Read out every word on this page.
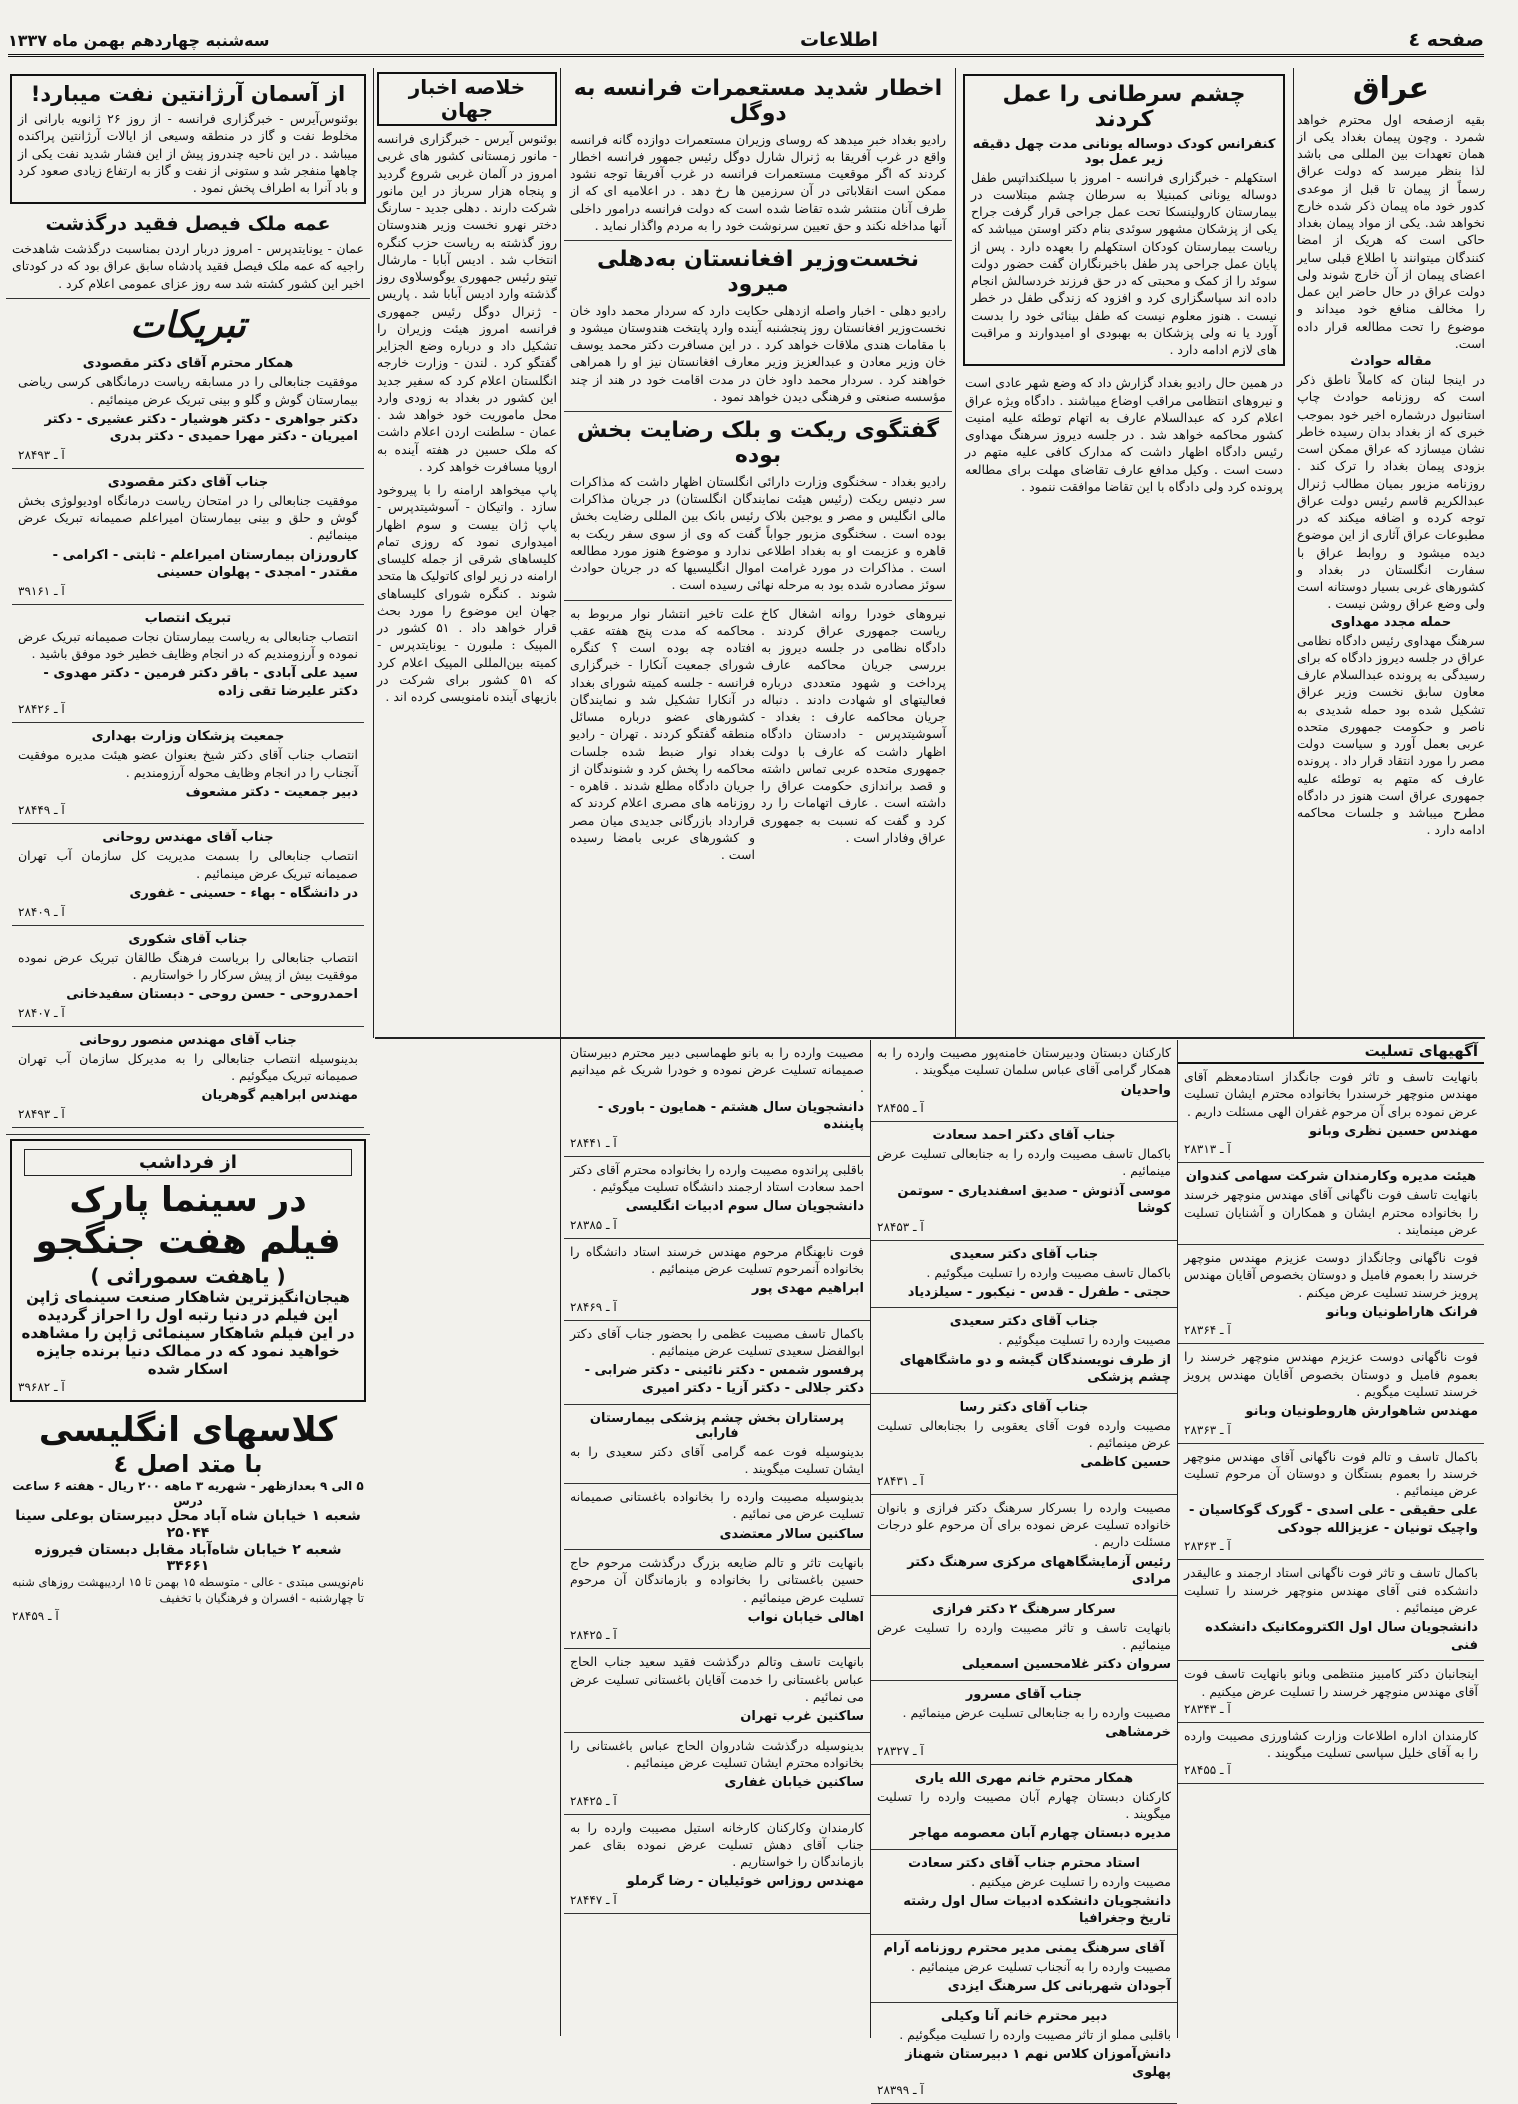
صفحه ٤
اطلاعات
سه‌شنبه چهاردهم بهمن ماه ۱۳۳۷
عراق

بقیه ازصفحه اول محترم خواهد شمرد . وچون پیمان بغداد یکی از همان تعهدات بین المللی می باشد لذا بنظر میرسد که دولت عراق رسماً از پیمان تا قبل از موعدی کدور خود ماه پیمان ذکر شده خارج نخواهد شد. یکی از مواد پیمان بغداد حاکی است که هریک از امضا کنندگان میتوانند با اطلاع قبلی سایر اعضای پیمان از آن خارج شوند ولی دولت عراق در حال حاضر این عمل را مخالف منافع خود میداند و موضوع را تحت مطالعه قرار داده است.

مقاله حوادث

در اینجا لبنان که کاملاً ناطق ذکر است که روزنامه حوادث چاپ استانبول درشماره اخیر خود بموجب خبری که از بغداد بدان رسیده خاطر نشان میسازد که عراق ممکن است بزودی پیمان بغداد را ترک کند . روزنامه مزبور بمیان مطالب ژنرال عبدالکریم قاسم رئیس دولت عراق توجه کرده و اضافه میکند که در مطبوعات عراق آثاری از این موضوع دیده میشود و روابط عراق با سفارت انگلستان در بغداد و کشورهای غربی بسیار دوستانه است ولی وضع عراق روشن نیست .

حمله مجدد مهداوی

سرهنگ مهداوی رئیس دادگاه نظامی عراق در جلسه دیروز دادگاه که برای رسیدگی به پرونده عبدالسلام عارف معاون سابق نخست وزیر عراق تشکیل شده بود حمله شدیدی به ناصر و حکومت جمهوری متحده عربی بعمل آورد و سیاست دولت مصر را مورد انتقاد قرار داد . پرونده عارف که متهم به توطئه علیه جمهوری عراق است هنوز در دادگاه مطرح میباشد و جلسات محاکمه ادامه دارد .

چشم سرطانی را عمل کردند
کنفرانس کودک دوساله یونانی مدت چهل دقیقه زیر عمل بود

استکهلم - خبرگزاری فرانسه - امروز با سیلکنداتپس طفل دوساله یونانی کمبنیلا به سرطان چشم مبتلاست در بیمارستان کارولینسکا تحت عمل جراحی قرار گرفت جراح یکی از پزشکان مشهور سوئدی بنام دکتر اوستن میباشد که ریاست بیمارستان کودکان استکهلم را بعهده دارد . پس از پایان عمل جراحی پدر طفل باخبرنگاران گفت حضور دولت سوئد را از کمک و محبتی که در حق فرزند خردسالش انجام داده اند سپاسگزاری کرد و افزود که زندگی طفل در خطر نیست . هنوز معلوم نیست که طفل بینائی خود را بدست آورد یا نه ولی پزشکان به بهبودی او امیدوارند و مراقبت های لازم ادامه دارد .

در همین حال رادیو بغداد گزارش داد که وضع شهر عادی است و نیروهای انتظامی مراقب اوضاع میباشند . دادگاه ویژه عراق اعلام کرد که عبدالسلام عارف به اتهام توطئه علیه امنیت کشور محاکمه خواهد شد . در جلسه دیروز سرهنگ مهداوی رئیس دادگاه اظهار داشت که مدارک کافی علیه متهم در دست است . وکیل مدافع عارف تقاضای مهلت برای مطالعه پرونده کرد ولی دادگاه با این تقاضا موافقت ننمود .

اخطار شدید مستعمرات فرانسه به دوگل

رادیو بغداد خبر میدهد که روسای وزیران مستعمرات دوازده گانه فرانسه واقع در غرب آفریقا به ژنرال شارل دوگل رئیس جمهور فرانسه اخطار کردند که اگر موقعیت مستعمرات فرانسه در غرب آفریقا توجه نشود ممکن است انقلاباتی در آن سرزمین ها رخ دهد . در اعلامیه ای که از طرف آنان منتشر شده تقاضا شده است که دولت فرانسه درامور داخلی آنها مداخله نکند و حق تعیین سرنوشت خود را به مردم واگذار نماید .

نخست‌وزیر افغانستان به‌دهلی میرود

رادیو دهلی - اخبار واصله ازدهلی حکایت دارد که سردار محمد داود خان نخست‌وزیر افغانستان روز پنجشنبه آینده وارد پایتخت هندوستان میشود و با مقامات هندی ملاقات خواهد کرد . در این مسافرت دکتر محمد یوسف خان وزیر معادن و عبدالعزیز وزیر معارف افغانستان نیز او را همراهی خواهند کرد . سردار محمد داود خان در مدت اقامت خود در هند از چند مؤسسه صنعتی و فرهنگی دیدن خواهد نمود .

گفتگوی ریکت و بلک رضایت بخش بوده

رادیو بغداد - سخنگوی وزارت دارائی انگلستان اظهار داشت که مذاکرات سر دنیس ریکت (رئیس هیئت نمایندگان انگلستان) در جریان مذاکرات مالی انگلیس و مصر و یوجین بلاک رئیس بانک بین المللی رضایت بخش بوده است . سخنگوی مزبور جواباً گفت که وی از سوی سفر ریکت به قاهره و عزیمت او به بغداد اطلاعی ندارد و موضوع هنوز مورد مطالعه است . مذاکرات در مورد غرامت اموال انگلیسیها که در جریان حوادث سوئز مصادره شده بود به مرحله نهائی رسیده است .

نیروهای خودرا روانه اشغال کاخ ریاست جمهوری عراق کردند . دادگاه نظامی در جلسه دیروز به بررسی جریان محاکمه عارف پرداخت و شهود متعددی درباره فعالیتهای او شهادت دادند . دنباله جریان محاکمه عارف : بغداد - آسوشیتدپرس - دادستان دادگاه اظهار داشت که عارف با دولت جمهوری متحده عربی تماس داشته و قصد براندازی حکومت عراق را داشته است . عارف اتهامات را رد کرد و گفت که نسبت به جمهوری عراق وفادار است .

علت تاخیر انتشار نوار مربوط به محاکمه که مدت پنج هفته عقب افتاده چه بوده است ؟ کنگره شورای جمعیت آنکارا - خبرگزاری فرانسه - جلسه کمیته شورای بغداد در آنکارا تشکیل شد و نمایندگان کشورهای عضو درباره مسائل منطقه گفتگو کردند . تهران - رادیو بغداد نوار ضبط شده جلسات محاکمه را پخش کرد و شنوندگان از جریان دادگاه مطلع شدند . قاهره - روزنامه های مصری اعلام کردند که قرارداد بازرگانی جدیدی میان مصر و کشورهای عربی بامضا رسیده است .

خلاصه اخبار جهان

بوئنوس آیرس - خبرگزاری فرانسه - مانور زمستانی کشور های غربی امروز در آلمان غربی شروع گردید و پنجاه هزار سرباز در این مانور شرکت دارند . دهلی جدید - سارنگ دختر نهرو نخست وزیر هندوستان روز گذشته به ریاست حزب کنگره انتخاب شد . ادیس آبابا - مارشال تیتو رئیس جمهوری یوگوسلاوی روز گذشته وارد ادیس آبابا شد . پاریس - ژنرال دوگل رئیس جمهوری فرانسه امروز هیئت وزیران را تشکیل داد و درباره وضع الجزایر گفتگو کرد . لندن - وزارت خارجه انگلستان اعلام کرد که سفیر جدید این کشور در بغداد به زودی وارد محل ماموریت خود خواهد شد . عمان - سلطنت اردن اعلام داشت که ملک حسین در هفته آینده به اروپا مسافرت خواهد کرد .

پاپ میخواهد ارامنه را با پیروخود سازد . واتیکان - آسوشیتدپرس - پاپ ژان بیست و سوم اظهار امیدواری نمود که روزی تمام کلیساهای شرقی از جمله کلیسای ارامنه در زیر لوای کاتولیک ها متحد شوند . کنگره شورای کلیساهای جهان این موضوع را مورد بحث قرار خواهد داد . ۵۱ کشور در المپیک : ملبورن - یونایتدپرس - کمیته بین‌المللی المپیک اعلام کرد که ۵۱ کشور برای شرکت در بازیهای آینده نامنویسی کرده اند .

از آسمان آرژانتین نفت میبارد!

بوئنوس‌آیرس - خبرگزاری فرانسه - از روز ۲۶ ژانویه بارانی از مخلوط نفت و گاز در منطقه وسیعی از ایالات آرژانتین پراکنده میباشد . در این ناحیه چندروز پیش از این فشار شدید نفت یکی از چاهها منفجر شد و ستونی از نفت و گاز به ارتفاع زیادی صعود کرد و باد آنرا به اطراف پخش نمود .

عمه ملک فیصل فقید درگذشت

عمان - یونایتدپرس - امروز دربار اردن بمناسبت درگذشت شاهدخت راجیه که عمه ملک فیصل فقید پادشاه سابق عراق بود که در کودتای اخیر این کشور کشته شد سه روز عزای عمومی اعلام کرد .

تبریکات
همکار محترم آقای دکتر مقصودی

موفقیت جنابعالی را در مسابقه ریاست درمانگاهی کرسی ریاضی بیمارستان گوش و گلو و بینی تبریک عرض مینمائیم .

دکتر جواهری - دکتر هوشیار - دکتر عشیری - دکتر امیریان - دکتر مهرا حمیدی - دکتر بدری

آ ـ ۲۸۴۹۳

جناب آقای دکتر مقصودی

موفقیت جنابعالی را در امتحان ریاست درمانگاه اودیولوژی بخش گوش و حلق و بینی بیمارستان امیراعلم صمیمانه تبریک عرض مینمائیم .

کارورزان بیمارستان امیراعلم - ثابتی - اکرامی - مقتدر - امجدی - پهلوان حسینی

آ ـ ۳۹۱۶۱

تبریک انتصاب

انتصاب جنابعالی به ریاست بیمارستان نجات صمیمانه تبریک عرض نموده و آرزومندیم که در انجام وظایف خطیر خود موفق باشید .

سید علی آبادی - باقر دکتر فرمین - دکتر مهدوی - دکتر علیرضا تقی زاده

آ ـ ۲۸۴۲۶

جمعیت پزشکان وزارت بهداری

انتصاب جناب آقای دکتر شیخ بعنوان عضو هیئت مدیره موفقیت آنجناب را در انجام وظایف محوله آرزومندیم .

دبیر جمعیت - دکتر مشعوف

آ ـ ۲۸۴۴۹

جناب آقای مهندس روحانی

انتصاب جنابعالی را بسمت مدیریت کل سازمان آب تهران صمیمانه تبریک عرض مینمائیم .

در دانشگاه - بهاء - حسینی - غفوری

آ ـ ۲۸۴۰۹

جناب آقای شکوری

انتصاب جنابعالی را بریاست فرهنگ طالقان تبریک عرض نموده موفقیت بیش از پیش سرکار را خواستاریم .

احمدروحی - حسن روحی - دبستان سفیدخانی

آ ـ ۲۸۴۰۷

جناب آقای مهندس منصور روحانی

بدینوسیله انتصاب جنابعالی را به مدیرکل سازمان آب تهران صمیمانه تبریک میگوئیم .

مهندس ابراهیم گوهریان

آ ـ ۲۸۴۹۳

از فرداشب
در سینما پارک
فیلم هفت جنگجو
( یاهفت سموراثی )
هیجان‌انگیزترین شاهکار صنعت سینمای ژاپن این فیلم در دنیا رتبه اول را احراز گردیده
در این فیلم شاهکار سینمائی ژاپن را مشاهده خواهید نمود که در ممالک دنیا برنده جایزه اسکار شده

آ ـ ۳۹۶۸۲

کلاسهای انگلیسی
با متد اصل ٤
۵ الی ۹ بعدازظهر - شهریه ۳ ماهه ۲۰۰ ریال - هفته ۶ ساعت درس
شعبه ۱ خیابان شاه آباد محل دبیرستان بوعلی سینا ۲۵۰۴۴
شعبه ۲ خیابان شاه‌آباد مقابل دبستان فیروزه ۳۴۶۶۱

نام‌نویسی مبتدی - عالی - متوسطه ۱۵ بهمن تا ۱۵ اردیبهشت روزهای شنبه تا چهارشنبه - افسران و فرهنگیان با تخفیف

آ ـ ۲۸۴۵۹

آگهیهای تسلیت

بانهایت تاسف و تاثر فوت جانگداز استادمعظم آقای مهندس منوچهر خرسندرا بخانواده محترم ایشان تسلیت عرض نموده برای آن مرحوم غفران الهی مسئلت داریم .

مهندس حسین نظری وبانو

آ ـ ۲۸۳۱۳

هیئت مدیره وکارمندان شرکت سهامی کندوان

بانهایت تاسف فوت ناگهانی آقای مهندس منوچهر خرسند را بخانواده محترم ایشان و همکاران و آشنایان تسلیت عرض مینمایند .

فوت ناگهانی وجانگداز دوست عزیزم مهندس منوچهر خرسند را بعموم فامیل و دوستان بخصوص آقایان مهندس پرویز خرسند تسلیت عرض میکنم .

فرانک هاراطونیان وبانو

آ ـ ۲۸۳۶۴

فوت ناگهانی دوست عزیزم مهندس منوچهر خرسند را بعموم فامیل و دوستان بخصوص آقایان مهندس پرویز خرسند تسلیت میگویم .

مهندس شاهوارش هاروطونیان وبانو

آ ـ ۲۸۳۶۳

باکمال تاسف و تالم فوت ناگهانی آقای مهندس منوچهر خرسند را بعموم بستگان و دوستان آن مرحوم تسلیت عرض مینمائیم .

علی حقیقی - علی اسدی - گورک گوکاسیان - واچیک تونیان - عزیزالله جودکی

آ ـ ۲۸۳۶۳

باکمال تاسف و تاثر فوت ناگهانی استاد ارجمند و عالیقدر دانشکده فنی آقای مهندس منوچهر خرسند را تسلیت عرض مینمائیم .

دانشجویان سال اول الکترومکانیک دانشکده فنی

اینجانبان دکتر کامبیز منتظمی وبانو بانهایت تاسف فوت آقای مهندس منوچهر خرسند را تسلیت عرض میکنیم .

آ ـ ۲۸۳۴۳

کارمندان اداره اطلاعات وزارت کشاورزی مصیبت وارده را به آقای خلیل سپاسی تسلیت میگویند .

آ ـ ۲۸۴۵۵

کارکنان دبستان ودبیرستان خامنه‌پور مصیبت وارده را به همکار گرامی آقای عباس سلمان تسلیت میگویند .

واحدیان

آ ـ ۲۸۴۵۵

جناب آقای دکتر احمد سعادت

باکمال تاسف مصیبت وارده را به جنابعالی تسلیت عرض مینمائیم .

موسی آذنوش - صدیق اسفندیاری - سوتمن کوشا

آ ـ ۲۸۴۵۳

جناب آقای دکتر سعیدی

باکمال تاسف مصیبت وارده را تسلیت میگوئیم .

حجتی - طفرل - قدس - نیکبور - سیلزدیاد

جناب آقای دکتر سعیدی

مصیبت وارده را تسلیت میگوئیم .

از طرف نویسندگان گیشه و دو ماشگاههای چشم پزشکی

جناب آقای دکتر رسا

مصیبت وارده فوت آقای یعقوبی را بجنابعالی تسلیت عرض مینمائیم .

حسین کاظمی

آ ـ ۲۸۴۳۱

مصیبت وارده را بسرکار سرهنگ دکتر فرازی و بانوان خانواده تسلیت عرض نموده برای آن مرحوم علو درجات مسئلت داریم .

رئیس آزمایشگاههای مرکزی سرهنگ دکتر مرادی

سرکار سرهنگ ۲ دکتر فرازی

بانهایت تاسف و تاثر مصیبت وارده را تسلیت عرض مینمائیم .

سروان دکتر غلامحسین اسمعیلی

جناب آقای مسرور

مصیبت وارده را به جنابعالی تسلیت عرض مینمائیم .

خرمشاهی

آ ـ ۲۸۳۲۷

همکار محترم خانم مهری الله یاری

کارکنان دبستان چهارم آبان مصیبت وارده را تسلیت میگویند .

مدیره دبستان چهارم آبان معصومه مهاجر

استاد محترم جناب آقای دکتر سعادت

مصیبت وارده را تسلیت عرض میکنیم .

دانشجویان دانشکده ادبیات سال اول رشته تاریخ وجغرافیا

آقای سرهنگ یمنی مدیر محترم روزنامه آرام

مصیبت وارده را به آنجناب تسلیت عرض مینمائیم .

آجودان شهربانی کل سرهنگ ایزدی

دبیر محترم خانم آنا وکیلی

باقلبی مملو از تاثر مصیبت وارده را تسلیت میگوئیم .

دانش‌آموزان کلاس نهم ۱ دبیرستان شهناز پهلوی

آ ـ ۲۸۳۹۹

مصیبت وارده را به بانو طهماسبی دبیر محترم دبیرستان صمیمانه تسلیت عرض نموده و خودرا شریک غم میدانیم .

دانشجویان سال هشتم - همایون - باوری - پایننده

آ ـ ۲۸۴۴۱

باقلبی پراندوه مصیبت وارده را بخانواده محترم آقای دکتر احمد سعادت استاد ارجمند دانشگاه تسلیت میگوئیم .

دانشجویان سال سوم ادبیات انگلیسی

آ ـ ۲۸۳۸۵

فوت نابهنگام مرحوم مهندس خرسند استاد دانشگاه را بخانواده آنمرحوم تسلیت عرض مینمائیم .

ابراهیم مهدی پور

آ ـ ۲۸۴۶۹

باکمال تاسف مصیبت عظمی را بحضور جناب آقای دکتر ابوالفضل سعیدی تسلیت عرض مینمائیم .

پرفسور شمس - دکتر نائینی - دکتر ضرابی - دکتر جلالی - دکتر آزیا - دکتر امیری

پرستاران بخش چشم پزشکی بیمارستان فارابی

بدینوسیله فوت عمه گرامی آقای دکتر سعیدی را به ایشان تسلیت میگویند .

بدینوسیله مصیبت وارده را بخانواده باغستانی صمیمانه تسلیت عرض می نمائیم .

ساکنین سالار معتضدی

بانهایت تاثر و تالم ضایعه بزرگ درگذشت مرحوم حاج حسین باغستانی را بخانواده و بازماندگان آن مرحوم تسلیت عرض مینمائیم .

اهالی خیابان نواب

آ ـ ۲۸۴۲۵

بانهایت تاسف وتالم درگذشت فقید سعید جناب الحاج عباس باغستانی را خدمت آقایان باغستانی تسلیت عرض می نمائیم .

ساکنین غرب تهران

بدینوسیله درگذشت شادروان الحاج عباس باغستانی را بخانواده محترم ایشان تسلیت عرض مینمائیم .

ساکنین خیابان غفاری

آ ـ ۲۸۴۲۵

کارمندان وکارکنان کارخانه استیل مصیبت وارده را به جناب آقای دهش تسلیت عرض نموده بقای عمر بازماندگان را خواستاریم .

مهندس روزاس خوئیلیان - رضا گرملو

آ ـ ۲۸۴۴۷
